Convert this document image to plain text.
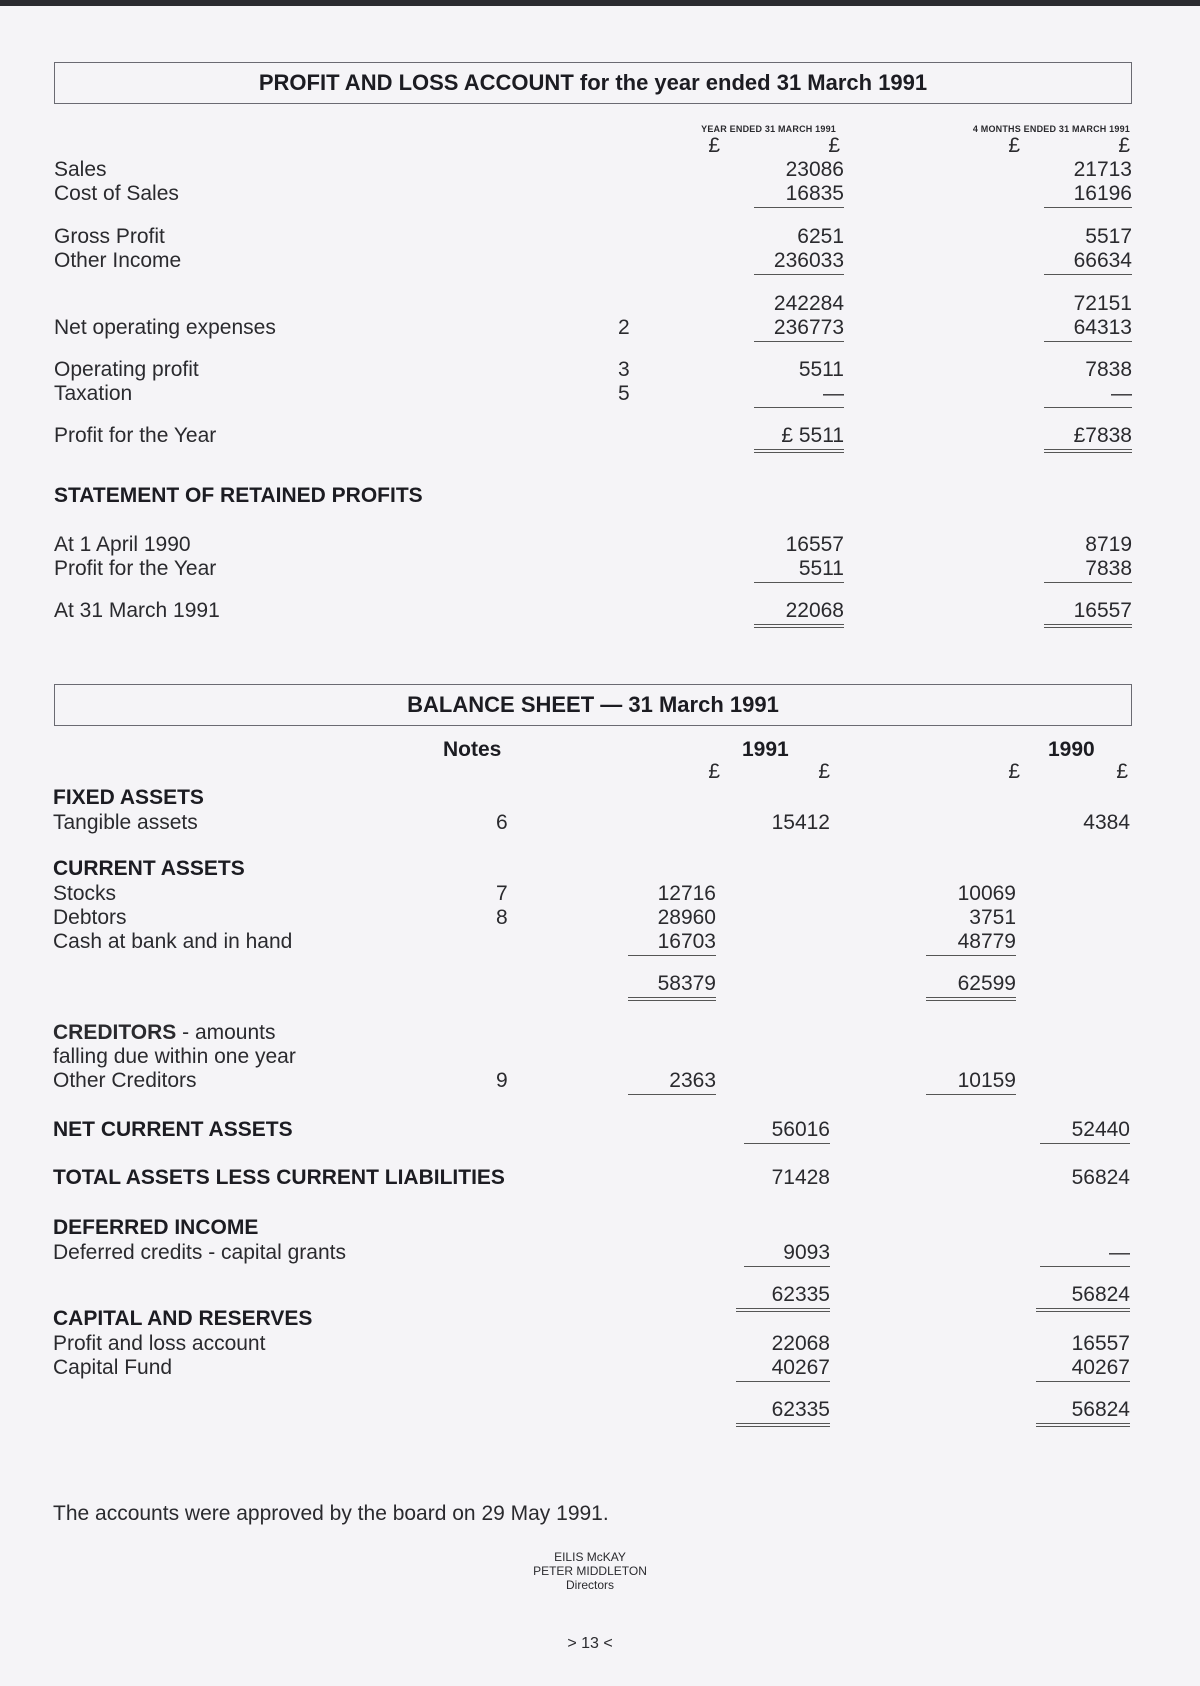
PROFIT AND LOSS ACCOUNT for the year ended 31 March 1991
YEAR ENDED 31 MARCH 1991	4 MONTHS ENDED 31 MARCH 1991
£	£	£	£
Sales	23086	21713
Cost of Sales	16835	16196
Gross Profit	6251	5517
Other Income	236033	66634
242284	72151
Net operating expenses	2	236773	64313
Operating profit	3	5511	7838
Taxation	5	—	—
Profit for the Year	£ 5511	£7838
STATEMENT OF RETAINED PROFITS
At 1 April 1990	16557	8719
Profit for the Year	5511	7838
At 31 March 1991	22068	16557
BALANCE SHEET — 31 March 1991
Notes	1991	1990
£	£	£	£
FIXED ASSETS
Tangible assets	6	15412	4384
CURRENT ASSETS
Stocks	7	12716	10069
Debtors	8	28960	3751
Cash at bank and in hand	16703	48779
58379	62599
CREDITORS - amounts
falling due within one year
Other Creditors	9	2363	10159
NET CURRENT ASSETS	56016	52440
TOTAL ASSETS LESS CURRENT LIABILITIES	71428	56824
DEFERRED INCOME
Deferred credits - capital grants	9093	—
62335	56824
CAPITAL AND RESERVES
Profit and loss account	22068	16557
Capital Fund	40267	40267
62335	56824
The accounts were approved by the board on 29 May 1991.
EILIS McKAY
PETER MIDDLETON
Directors
> 13 <
